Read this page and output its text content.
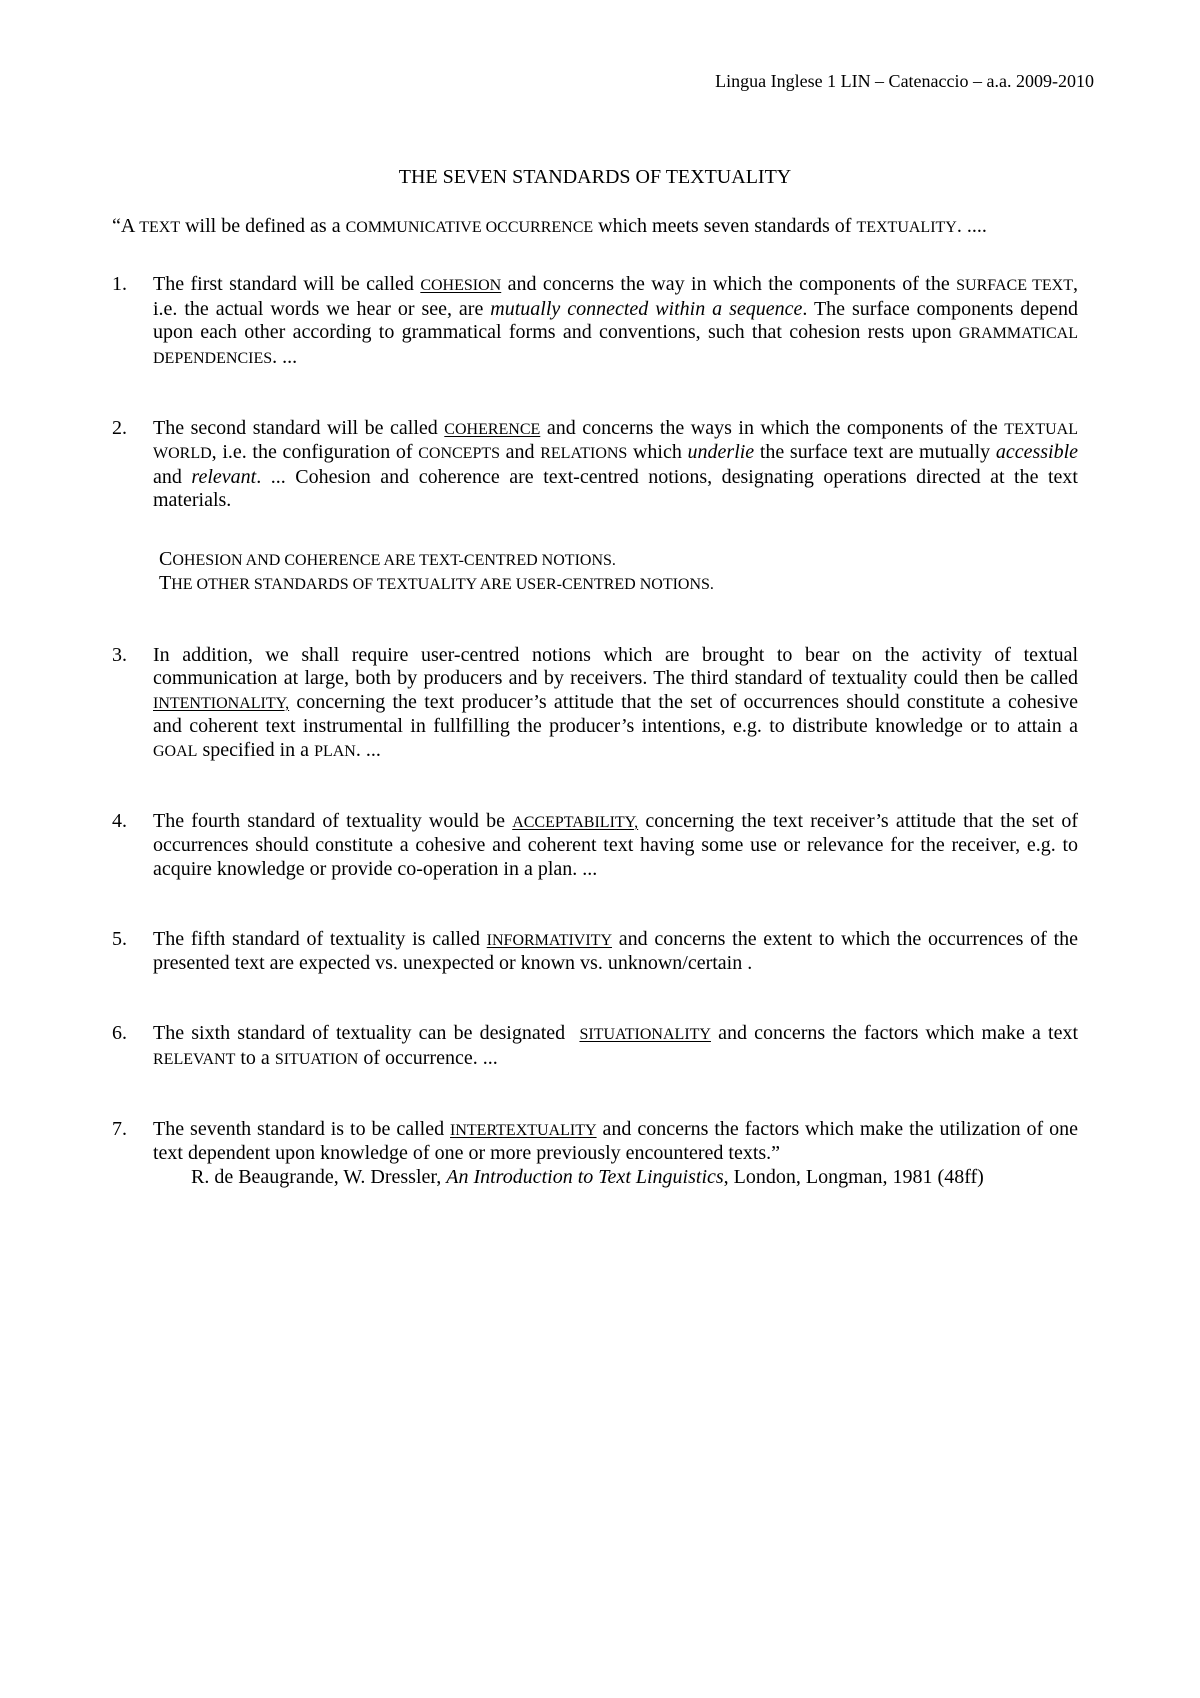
Lingua Inglese 1 LIN – Catenaccio – a.a. 2009-2010
THE SEVEN STANDARDS OF TEXTUALITY
“A TEXT will be defined as a COMMUNICATIVE OCCURRENCE which meets seven standards of TEXTUALITY. ....
1.	The first standard will be called COHESION and concerns the way in which the components of the SURFACE TEXT, i.e. the actual words we hear or see, are mutually connected within a sequence. The surface components depend upon each other according to grammatical forms and conventions, such that cohesion rests upon GRAMMATICAL DEPENDENCIES. ...
2.	The second standard will be called COHERENCE and concerns the ways in which the components of the TEXTUAL WORLD, i.e. the configuration of CONCEPTS and RELATIONS which underlie the surface text are mutually accessible and relevant. ... Cohesion and coherence are text-centred notions, designating operations directed at the text materials.
COHESION AND COHERENCE ARE TEXT-CENTRED NOTIONS.
THE OTHER STANDARDS OF TEXTUALITY ARE USER-CENTRED NOTIONS.
3.	In addition, we shall require user-centred notions which are brought to bear on the activity of textual communication at large, both by producers and by receivers. The third standard of textuality could then be called INTENTIONALITY, concerning the text producer’s attitude that the set of occurrences should constitute a cohesive and coherent text instrumental in fullfilling the producer’s intentions, e.g. to distribute knowledge or to attain a GOAL specified in a PLAN. ...
4.	The fourth standard of textuality would be ACCEPTABILITY, concerning the text receiver’s attitude that the set of occurrences should constitute a cohesive and coherent text having some use or relevance for the receiver, e.g. to acquire knowledge or provide co-operation in a plan. ...
5.	The fifth standard of textuality is called INFORMATIVITY and concerns the extent to which the occurrences of the presented text are expected vs. unexpected or known vs. unknown/certain .
6.	The sixth standard of textuality can be designated  SITUATIONALITY and concerns the factors which make a text RELEVANT to a SITUATION of occurrence. ...
7.	The seventh standard is to be called INTERTEXTUALITY and concerns the factors which make the utilization of one text dependent upon knowledge of one or more previously encountered texts.”
R. de Beaugrande, W. Dressler, An Introduction to Text Linguistics, London, Longman, 1981 (48ff)
